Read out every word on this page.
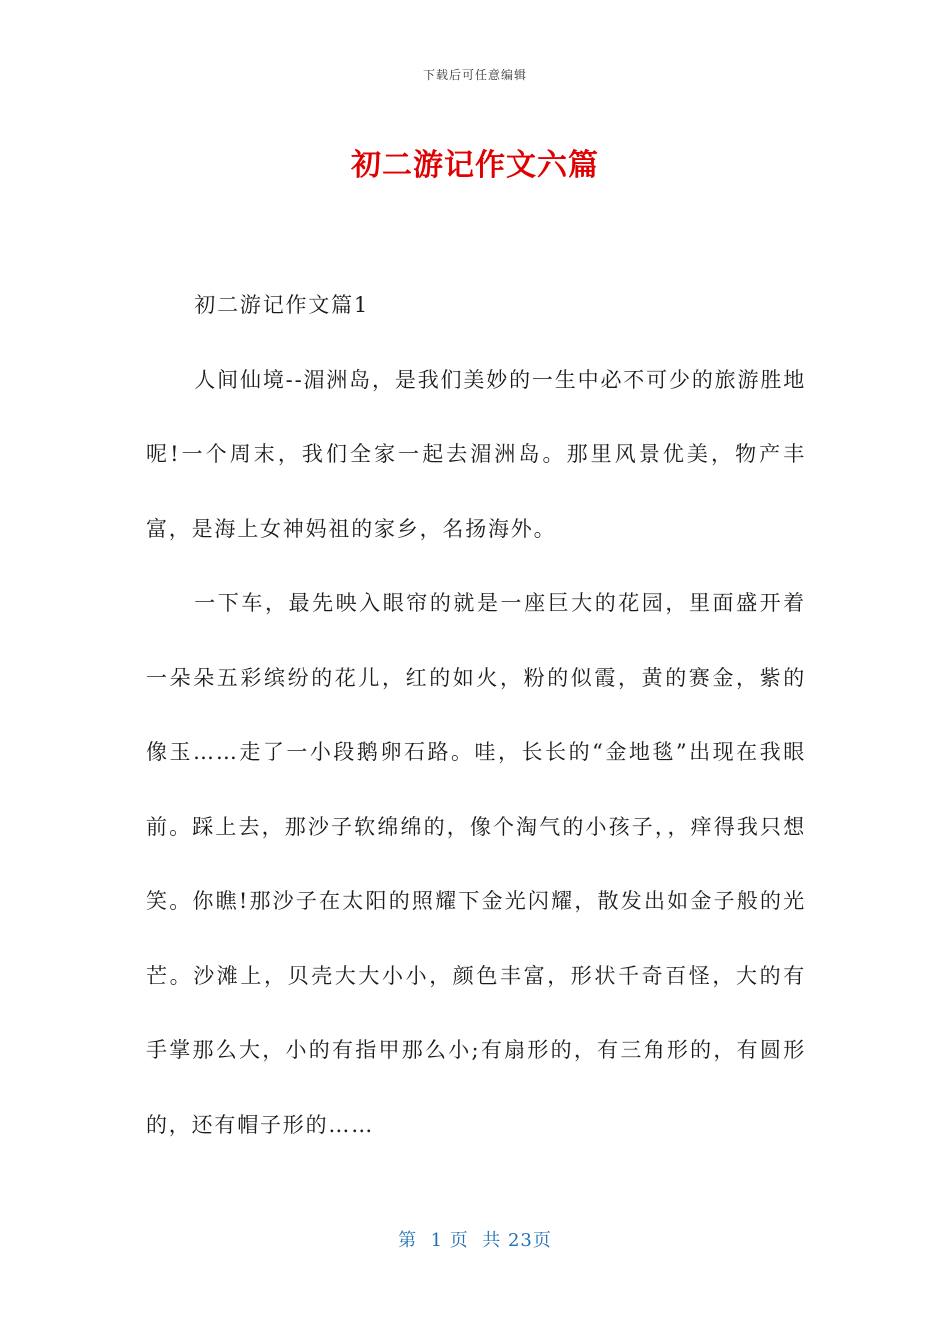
下载后可任意编辑
初二游记作文六篇

初二游记作文篇1

人间仙境--湄洲岛，是我们美妙的一生中必不可少的旅游胜地呢!一个周末，我们全家一起去湄洲岛。那里风景优美，物产丰富，是海上女神妈祖的家乡，名扬海外。

一下车，最先映入眼帘的就是一座巨大的花园，里面盛开着一朵朵五彩缤纷的花儿，红的如火，粉的似霞，黄的赛金，紫的像玉……走了一小段鹅卵石路。哇，长长的“金地毯”出现在我眼前。踩上去，那沙子软绵绵的，像个淘气的小孩子，，痒得我只想笑。你瞧!那沙子在太阳的照耀下金光闪耀，散发出如金子般的光芒。沙滩上，贝壳大大小小，颜色丰富，形状千奇百怪，大的有手掌那么大，小的有指甲那么小;有扇形的，有三角形的，有圆形的，还有帽子形的……

第  1 页  共 23页
